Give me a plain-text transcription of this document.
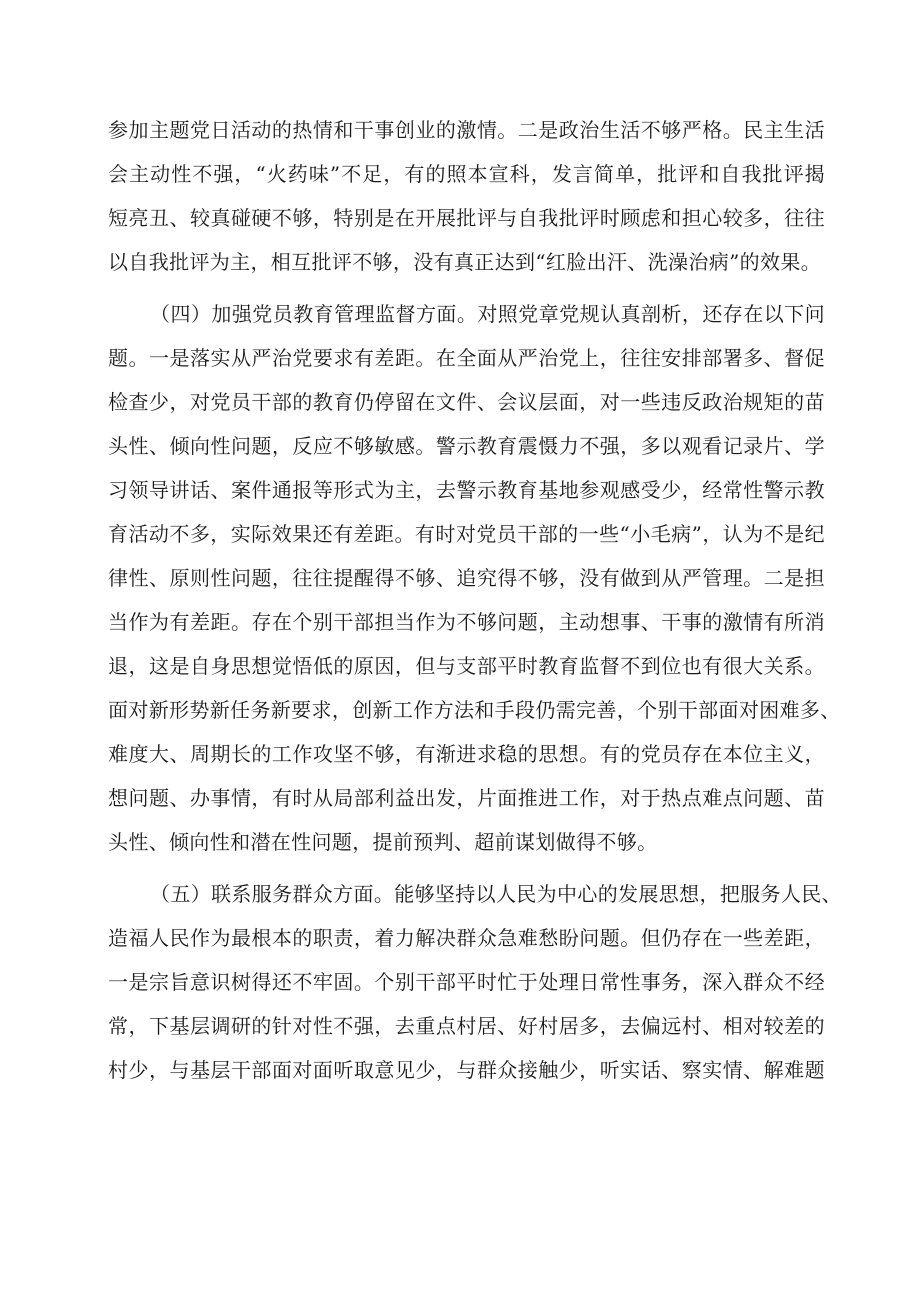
参加主题党日活动的热情和干事创业的激情。二是政治生活不够严格。民主生活
会主动性不强，“火药味”不足，有的照本宣科，发言简单，批评和自我批评揭
短亮丑、较真碰硬不够，特别是在开展批评与自我批评时顾虑和担心较多，往往
以自我批评为主，相互批评不够，没有真正达到“红脸出汗、洗澡治病”的效果。
（四）加强党员教育管理监督方面。对照党章党规认真剖析，还存在以下问
题。一是落实从严治党要求有差距。在全面从严治党上，往往安排部署多、督促
检查少，对党员干部的教育仍停留在文件、会议层面，对一些违反政治规矩的苗
头性、倾向性问题，反应不够敏感。警示教育震慑力不强，多以观看记录片、学
习领导讲话、案件通报等形式为主，去警示教育基地参观感受少，经常性警示教
育活动不多，实际效果还有差距。有时对党员干部的一些“小毛病”，认为不是纪
律性、原则性问题，往往提醒得不够、追究得不够，没有做到从严管理。二是担
当作为有差距。存在个别干部担当作为不够问题，主动想事、干事的激情有所消
退，这是自身思想觉悟低的原因，但与支部平时教育监督不到位也有很大关系。
面对新形势新任务新要求，创新工作方法和手段仍需完善，个别干部面对困难多、
难度大、周期长的工作攻坚不够，有渐进求稳的思想。有的党员存在本位主义，
想问题、办事情，有时从局部利益出发，片面推进工作，对于热点难点问题、苗
头性、倾向性和潜在性问题，提前预判、超前谋划做得不够。
（五）联系服务群众方面。能够坚持以人民为中心的发展思想，把服务人民、
造福人民作为最根本的职责，着力解决群众急难愁盼问题。但仍存在一些差距，
一是宗旨意识树得还不牢固。个别干部平时忙于处理日常性事务，深入群众不经
常，下基层调研的针对性不强，去重点村居、好村居多，去偏远村、相对较差的
村少，与基层干部面对面听取意见少，与群众接触少，听实话、察实情、解难题
